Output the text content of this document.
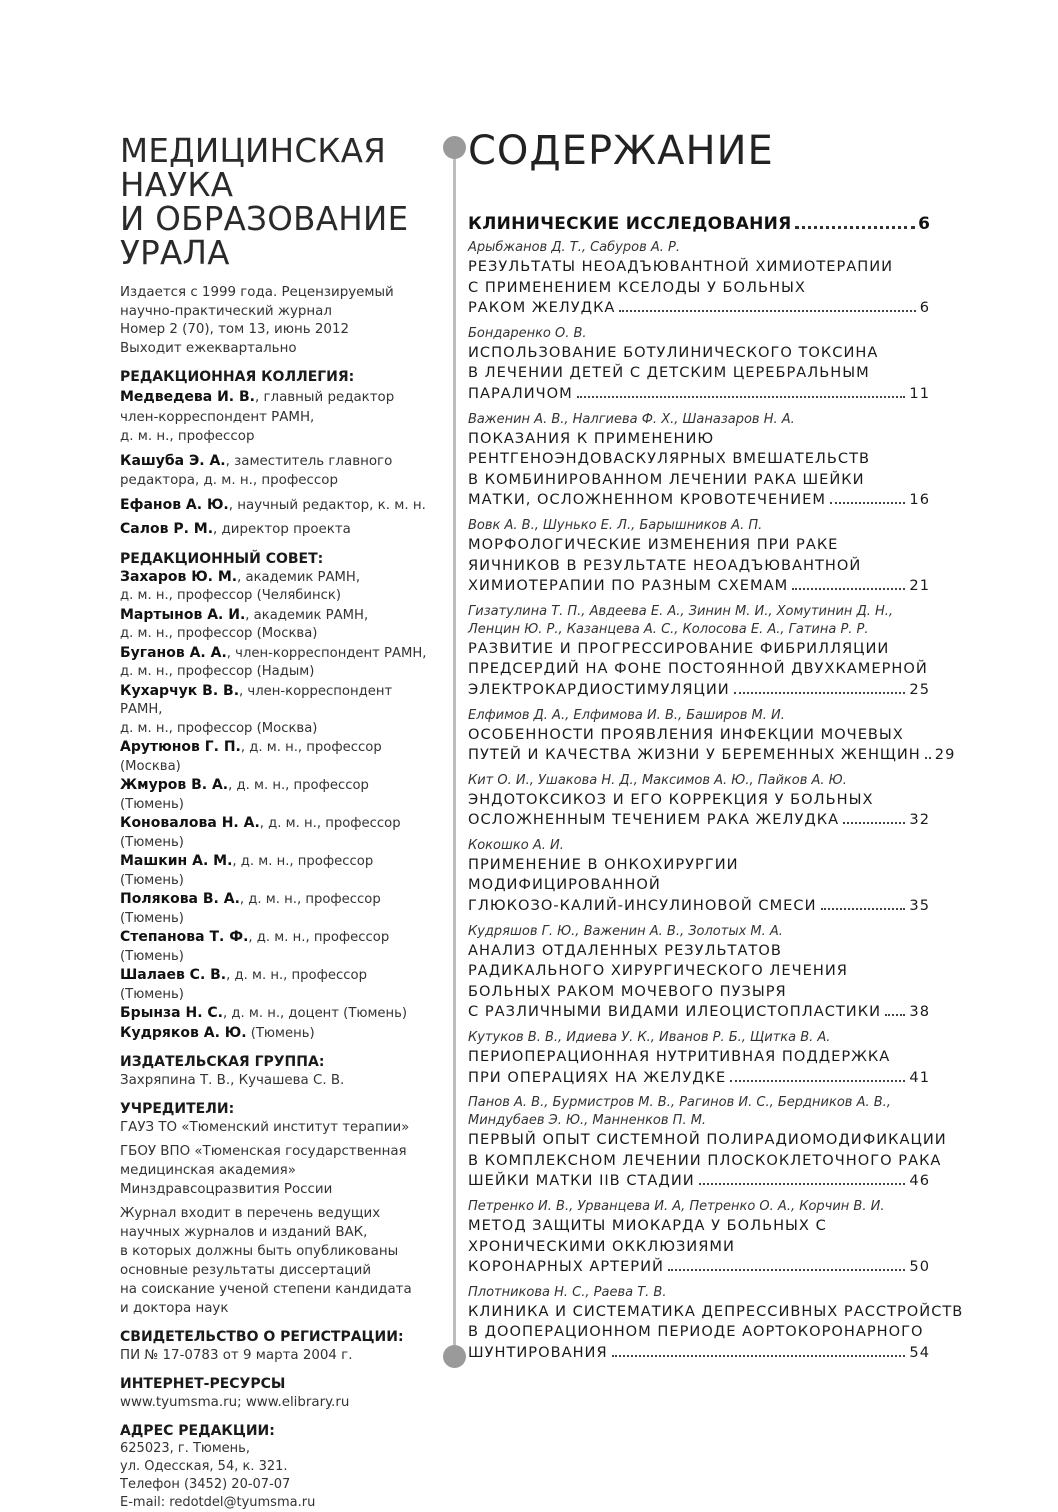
МЕДИЦИНСКАЯ
НАУКА
И ОБРАЗОВАНИЕ
УРАЛА
Издается с 1999 года. Рецензируемый
научно-практический журнал
Номер 2 (70), том 13, июнь 2012
Выходит ежеквартально
РЕДАКЦИОННАЯ КОЛЛЕГИЯ:
Медведева И. В., главный редактор
член-корреспондент РАМН,
д. м. н., профессор
Кашуба Э. А., заместитель главного
редактора, д. м. н., профессор
Ефанов А. Ю., научный редактор, к. м. н.
Салов Р. М., директор проекта
РЕДАКЦИОННЫЙ СОВЕТ:
Захаров Ю. М., академик РАМН,
д. м. н., профессор (Челябинск)
Мартынов А. И., академик РАМН,
д. м. н., профессор (Москва)
Буганов А. А., член-корреспондент РАМН,
д. м. н., профессор (Надым)
Кухарчук В. В., член-корреспондент РАМН,
д. м. н., профессор (Москва)
Арутюнов Г. П., д. м. н., профессор (Москва)
Жмуров В. А., д. м. н., профессор (Тюмень)
Коновалова Н. А., д. м. н., профессор (Тюмень)
Машкин А. М., д. м. н., профессор (Тюмень)
Полякова В. А., д. м. н., профессор (Тюмень)
Степанова Т. Ф., д. м. н., профессор (Тюмень)
Шалаев С. В., д. м. н., профессор (Тюмень)
Брынза Н. С., д. м. н., доцент (Тюмень)
Кудряков А. Ю. (Тюмень)
ИЗДАТЕЛЬСКАЯ ГРУППА:
Захряпина Т. В., Кучашева С. В.
УЧРЕДИТЕЛИ:
ГАУЗ ТО «Тюменский институт терапии»
ГБОУ ВПО «Тюменская государственная
медицинская академия»
Минздравсоцразвития России
Журнал входит в перечень ведущих
научных журналов и изданий ВАК,
в которых должны быть опубликованы
основные результаты диссертаций
на соискание ученой степени кандидата
и доктора наук
СВИДЕТЕЛЬСТВО О РЕГИСТРАЦИИ:
ПИ № 17-0783 от 9 марта 2004 г.
ИНТЕРНЕТ-РЕСУРСЫ
www.tyumsma.ru; www.elibrary.ru
АДРЕС РЕДАКЦИИ:
625023, г. Тюмень,
ул. Одесская, 54, к. 321.
Телефон (3452) 20-07-07
E-mail: redotdel@tyumsma.ru
СОДЕРЖАНИЕ
КЛИНИЧЕСКИЕ ИССЛЕДОВАНИЯ	6
Арыбжанов Д. Т., Сабуров А. Р.
РЕЗУЛЬТАТЫ НЕОАДЪЮВАНТНОЙ ХИМИОТЕРАПИИ
С ПРИМЕНЕНИЕМ КСЕЛОДЫ У БОЛЬНЫХ
РАКОМ ЖЕЛУДКА	6
Бондаренко О. В.
ИСПОЛЬЗОВАНИЕ БОТУЛИНИЧЕСКОГО ТОКСИНА
В ЛЕЧЕНИИ ДЕТЕЙ С ДЕТСКИМ ЦЕРЕБРАЛЬНЫМ
ПАРАЛИЧОМ	11
Важенин А. В., Налгиева Ф. Х., Шаназаров Н. А.
ПОКАЗАНИЯ К ПРИМЕНЕНИЮ
РЕНТГЕНОЭНДОВАСКУЛЯРНЫХ ВМЕШАТЕЛЬСТВ
В КОМБИНИРОВАННОМ ЛЕЧЕНИИ РАКА ШЕЙКИ
МАТКИ, ОСЛОЖНЕННОМ КРОВОТЕЧЕНИЕМ	16
Вовк А. В., Шунько Е. Л., Барышников А. П.
МОРФОЛОГИЧЕСКИЕ ИЗМЕНЕНИЯ ПРИ РАКЕ
ЯИЧНИКОВ В РЕЗУЛЬТАТЕ НЕОАДЪЮВАНТНОЙ
ХИМИОТЕРАПИИ ПО РАЗНЫМ СХЕМАМ	21
Гизатулина Т. П., Авдеева Е. А., Зинин М. И., Хомутинин Д. Н.,
Ленцин Ю. Р., Казанцева А. С., Колосова Е. А., Гатина Р. Р.
РАЗВИТИЕ И ПРОГРЕССИРОВАНИЕ ФИБРИЛЛЯЦИИ
ПРЕДСЕРДИЙ НА ФОНЕ ПОСТОЯННОЙ ДВУХКАМЕРНОЙ
ЭЛЕКТРОКАРДИОСТИМУЛЯЦИИ	25
Елфимов Д. А., Елфимова И. В., Баширов М. И.
ОСОБЕННОСТИ ПРОЯВЛЕНИЯ ИНФЕКЦИИ МОЧЕВЫХ
ПУТЕЙ И КАЧЕСТВА ЖИЗНИ У БЕРЕМЕННЫХ ЖЕНЩИН 29
Кит О. И., Ушакова Н. Д., Максимов А. Ю., Пайков А. Ю.
ЭНДОТОКСИКОЗ И ЕГО КОРРЕКЦИЯ У БОЛЬНЫХ
ОСЛОЖНЕННЫМ ТЕЧЕНИЕМ РАКА ЖЕЛУДКА	32
Кокошко А. И.
ПРИМЕНЕНИЕ В ОНКОХИРУРГИИ
МОДИФИЦИРОВАННОЙ
ГЛЮКОЗО-КАЛИЙ-ИНСУЛИНОВОЙ СМЕСИ	35
Кудряшов Г. Ю., Важенин А. В., Золотых М. А.
АНАЛИЗ ОТДАЛЕННЫХ РЕЗУЛЬТАТОВ
РАДИКАЛЬНОГО ХИРУРГИЧЕСКОГО ЛЕЧЕНИЯ
БОЛЬНЫХ РАКОМ МОЧЕВОГО ПУЗЫРЯ
С РАЗЛИЧНЫМИ ВИДАМИ ИЛЕОЦИСТОПЛАСТИКИ 38
Кутуков В. В., Идиева У. К., Иванов Р. Б., Щитка В. А.
ПЕРИОПЕРАЦИОННАЯ НУТРИТИВНАЯ ПОДДЕРЖКА
ПРИ ОПЕРАЦИЯХ НА ЖЕЛУДКЕ	41
Панов А. В., Бурмистров М. В., Рагинов И. С., Бердников А. В.,
Миндубаев Э. Ю., Манненков П. М.
ПЕРВЫЙ ОПЫТ СИСТЕМНОЙ ПОЛИРАДИОМОДИФИКАЦИИ
В КОМПЛЕКСНОМ ЛЕЧЕНИИ ПЛОСКОКЛЕТОЧНОГО РАКА
ШЕЙКИ МАТКИ IIB СТАДИИ	46
Петренко И. В., Урванцева И. А, Петренко О. А., Корчин В. И.
МЕТОД ЗАЩИТЫ МИОКАРДА У БОЛЬНЫХ С
ХРОНИЧЕСКИМИ ОККЛЮЗИЯМИ
КОРОНАРНЫХ АРТЕРИЙ	50
Плотникова Н. С., Раева Т. В.
КЛИНИКА И СИСТЕМАТИКА ДЕПРЕССИВНЫХ РАССТРОЙСТВ
В ДООПЕРАЦИОННОМ ПЕРИОДЕ АОРТОКОРОНАРНОГО
ШУНТИРОВАНИЯ	54
